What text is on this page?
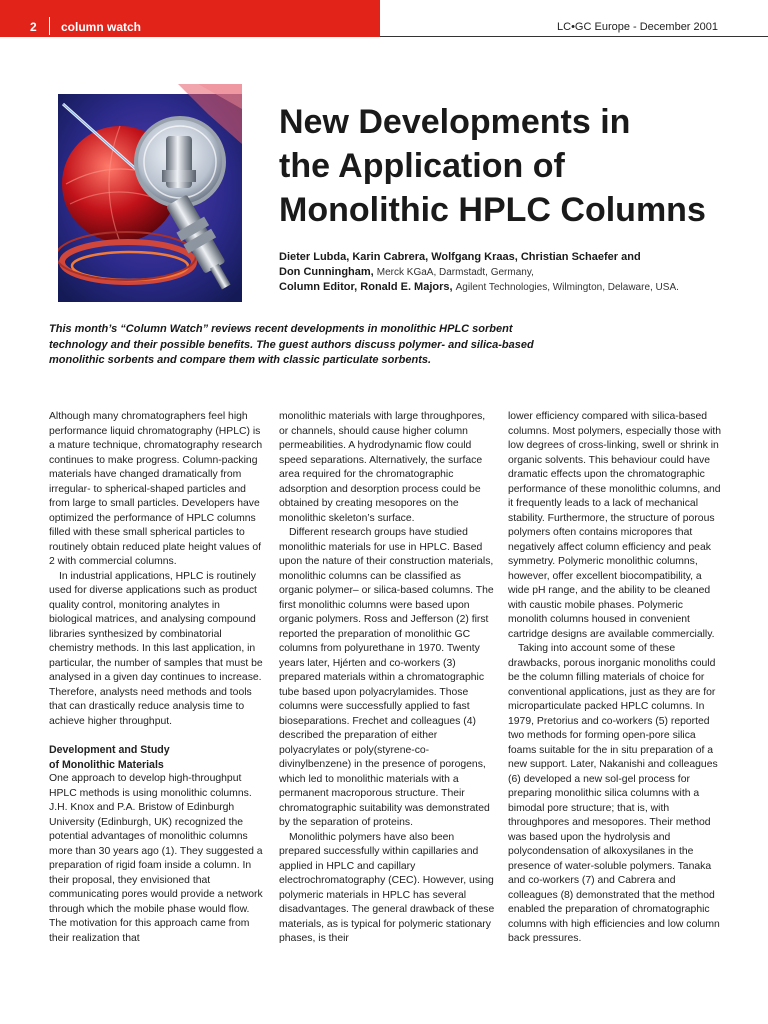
2 column watch	LC•GC Europe - December 2001
New Developments in
the Application of
Monolithic HPLC Columns
Dieter Lubda, Karin Cabrera, Wolfgang Kraas, Christian Schaefer and
Don Cunningham, Merck KGaA, Darmstadt, Germany,
Column Editor, Ronald E. Majors, Agilent Technologies, Wilmington, Delaware, USA.
This month’s “Column Watch” reviews recent developments in monolithic HPLC sorbent technology and their possible benefits. The guest authors discuss polymer- and silica-based monolithic sorbents and compare them with classic particulate sorbents.

Although many chromatographers feel high performance liquid chromatography (HPLC) is a mature technique, chromatography research continues to make progress. Column-packing materials have changed dramatically from irregular- to spherical-shaped particles and from large to small particles. Developers have optimized the performance of HPLC columns filled with these small spherical particles to routinely obtain reduced plate height values of 2 with commercial columns.

In industrial applications, HPLC is routinely used for diverse applications such as product quality control, monitoring analytes in biological matrices, and analysing compound libraries synthesized by combinatorial chemistry methods. In this last application, in particular, the number of samples that must be analysed in a given day continues to increase. Therefore, analysts need methods and tools that can drastically reduce analysis time to achieve higher throughput.

Development and Study
of Monolithic Materials

One approach to develop high-throughput HPLC methods is using monolithic columns. J.H. Knox and P.A. Bristow of Edinburgh University (Edinburgh, UK) recognized the potential advantages of monolithic columns more than 30 years ago (1). They suggested a preparation of rigid foam inside a column. In their proposal, they envisioned that communicating pores would provide a network through which the mobile phase would flow. The motivation for this approach came from their realization that

monolithic materials with large throughpores, or channels, should cause higher column permeabilities. A hydrodynamic flow could speed separations. Alternatively, the surface area required for the chromatographic adsorption and desorption process could be obtained by creating mesopores on the monolithic skeleton’s surface.

Different research groups have studied monolithic materials for use in HPLC. Based upon the nature of their construction materials, monolithic columns can be classified as organic polymer– or silica-based columns. The first monolithic columns were based upon organic polymers. Ross and Jefferson (2) first reported the preparation of monolithic GC columns from polyurethane in 1970. Twenty years later, Hjérten and co-workers (3) prepared materials within a chromatographic tube based upon polyacrylamides. Those columns were successfully applied to fast bioseparations. Frechet and colleagues (4) described the preparation of either polyacrylates or poly(styrene-co-divinylbenzene) in the presence of porogens, which led to monolithic materials with a permanent macroporous structure. Their chromatographic suitability was demonstrated by the separation of proteins.

Monolithic polymers have also been prepared successfully within capillaries and applied in HPLC and capillary electrochromatography (CEC). However, using polymeric materials in HPLC has several disadvantages. The general drawback of these materials, as is typical for polymeric stationary phases, is their

lower efficiency compared with silica-based columns. Most polymers, especially those with low degrees of cross-linking, swell or shrink in organic solvents. This behaviour could have dramatic effects upon the chromatographic performance of these monolithic columns, and it frequently leads to a lack of mechanical stability. Furthermore, the structure of porous polymers often contains micropores that negatively affect column efficiency and peak symmetry. Polymeric monolithic columns, however, offer excellent biocompatibility, a wide pH range, and the ability to be cleaned with caustic mobile phases. Polymeric monolith columns housed in convenient cartridge designs are available commercially.

Taking into account some of these drawbacks, porous inorganic monoliths could be the column filling materials of choice for conventional applications, just as they are for microparticulate packed HPLC columns. In 1979, Pretorius and co-workers (5) reported two methods for forming open-pore silica foams suitable for the in situ preparation of a new support. Later, Nakanishi and colleagues (6) developed a new sol-gel process for preparing monolithic silica columns with a bimodal pore structure; that is, with throughpores and mesopores. Their method was based upon the hydrolysis and polycondensation of alkoxysilanes in the presence of water-soluble polymers. Tanaka and co-workers (7) and Cabrera and colleagues (8) demonstrated that the method enabled the preparation of chromatographic columns with high efficiencies and low column back pressures.
